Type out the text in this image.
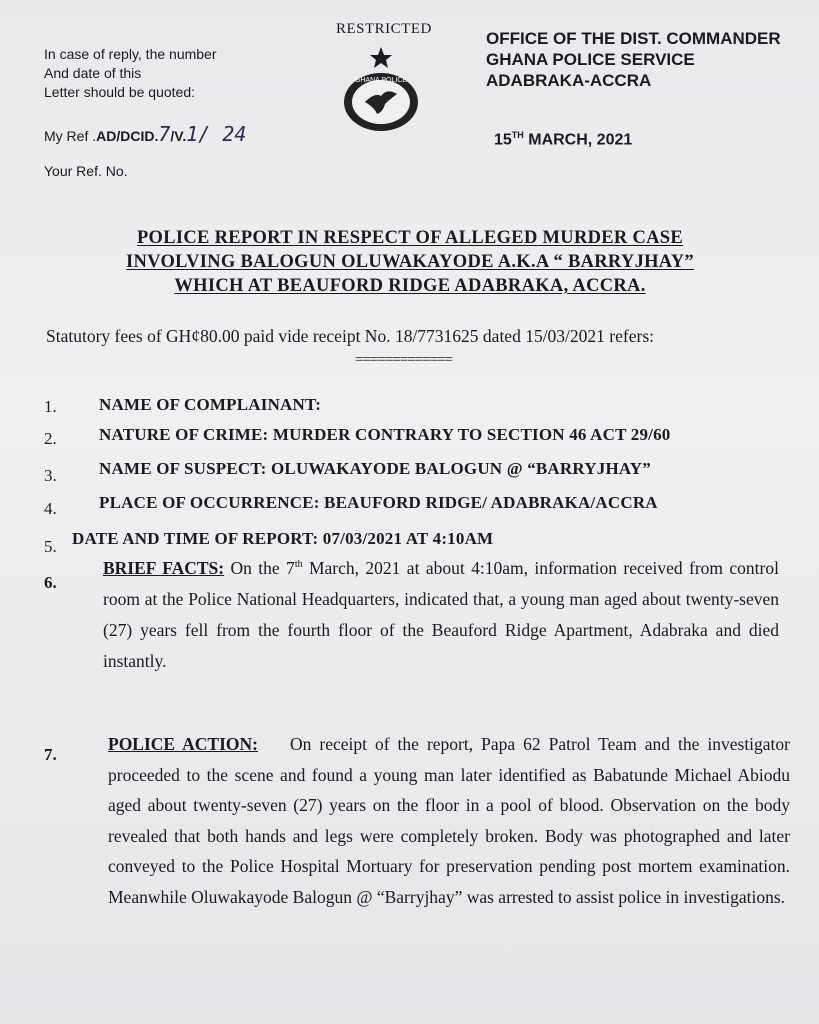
In case of reply, the number
And date of this
Letter should be quoted:
RESTRICTED
GHANA POLICE
OFFICE OF THE DIST. COMMANDER
GHANA POLICE SERVICE
ADABRAKA-ACCRA
My Ref .AD/DCID.7/V.1/ 24	15TH MARCH, 2021
Your Ref. No.
POLICE REPORT IN RESPECT OF ALLEGED MURDER CASE
INVOLVING BALOGUN OLUWAKAYODE A.K.A “ BARRYJHAY”
WHICH AT BEAUFORD RIDGE ADABRAKA, ACCRA.
Statutory fees of GH¢80.00 paid vide receipt No. 18/7731625 dated 15/03/2021 refers:
=============
1. NAME OF COMPLAINANT:
2. NATURE OF CRIME: MURDER CONTRARY TO SECTION 46 ACT 29/60
3. NAME OF SUSPECT: OLUWAKAYODE BALOGUN @ “BARRYJHAY”
4. PLACE OF OCCURRENCE: BEAUFORD RIDGE/ ADABRAKA/ACCRA
5. DATE AND TIME OF REPORT: 07/03/2021 AT 4:10AM
6.
BRIEF FACTS: On the 7th March, 2021 at about 4:10am, information received from control room at the Police National Headquarters, indicated that, a young man aged about twenty-seven (27) years fell from the fourth floor of the Beauford Ridge Apartment, Adabraka and died instantly.
7.
POLICE ACTION: On receipt of the report, Papa 62 Patrol Team and the investigator proceeded to the scene and found a young man later identified as Babatunde Michael Abiodu aged about twenty-seven (27) years on the floor in a pool of blood. Observation on the body revealed that both hands and legs were completely broken. Body was photographed and later conveyed to the Police Hospital Mortuary for preservation pending post mortem examination. Meanwhile Oluwakayode Balogun @ “Barryjhay” was arrested to assist police in investigations.
